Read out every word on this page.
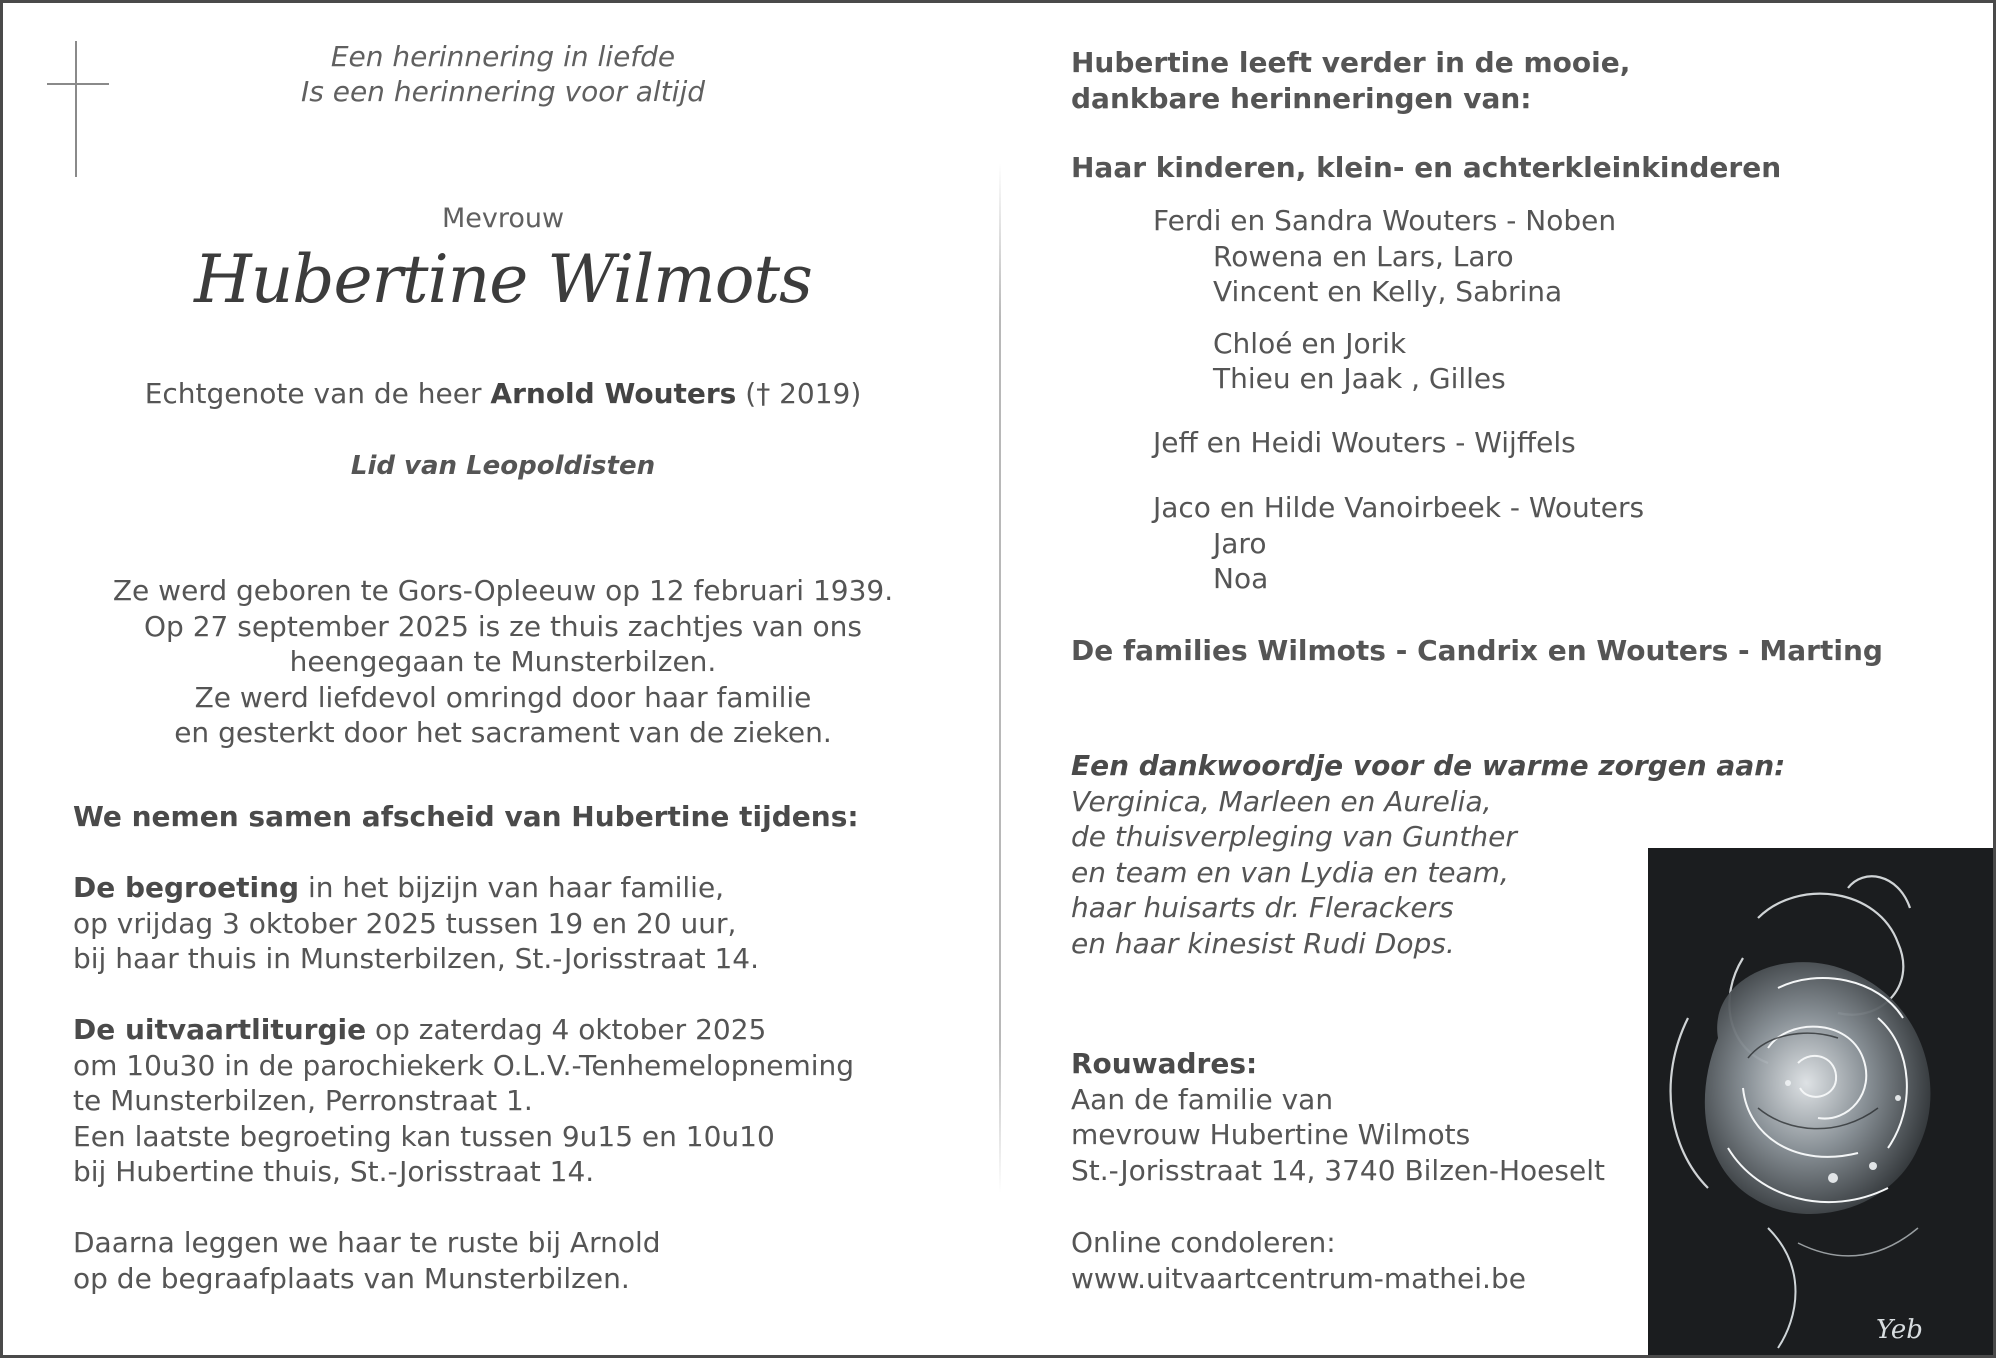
Een herinnering in liefde
Is een herinnering voor altijd
Mevrouw
Hubertine Wilmots
Echtgenote van de heer Arnold Wouters († 2019)
Lid van Leopoldisten
Ze werd geboren te Gors-Opleeuw op 12 februari 1939.
Op 27 september 2025 is ze thuis zachtjes van ons
heengegaan te Munsterbilzen.
Ze werd liefdevol omringd door haar familie
en gesterkt door het sacrament van de zieken.
We nemen samen afscheid van Hubertine tijdens:
De begroeting in het bijzijn van haar familie,
op vrijdag 3 oktober 2025 tussen 19 en 20 uur,
bij haar thuis in Munsterbilzen, St.-Jorisstraat 14.
De uitvaartliturgie op zaterdag 4 oktober 2025
om 10u30 in de parochiekerk O.L.V.-Tenhemelopneming
te Munsterbilzen, Perronstraat 1.
Een laatste begroeting kan tussen 9u15 en 10u10
bij Hubertine thuis, St.-Jorisstraat 14.
Daarna leggen we haar te ruste bij Arnold
op de begraafplaats van Munsterbilzen.
Hubertine leeft verder in de mooie,
dankbare herinneringen van:
Haar kinderen, klein- en achterkleinkinderen
Ferdi en Sandra Wouters - Noben
Rowena en Lars, Laro
Vincent en Kelly, Sabrina
Chloé en Jorik
Thieu en Jaak , Gilles
Jeff en Heidi Wouters - Wijffels
Jaco en Hilde Vanoirbeek - Wouters
Jaro
Noa
De families Wilmots - Candrix en Wouters - Marting
Een dankwoordje voor de warme zorgen aan:
Verginica, Marleen en Aurelia,
de thuisverpleging van Gunther
en team en van Lydia en team,
haar huisarts dr. Flerackers
en haar kinesist Rudi Dops.
Rouwadres:
Aan de familie van
mevrouw Hubertine Wilmots
St.-Jorisstraat 14, 3740 Bilzen-Hoeselt
Online condoleren:
www.uitvaartcentrum-mathei.be
Yeb
